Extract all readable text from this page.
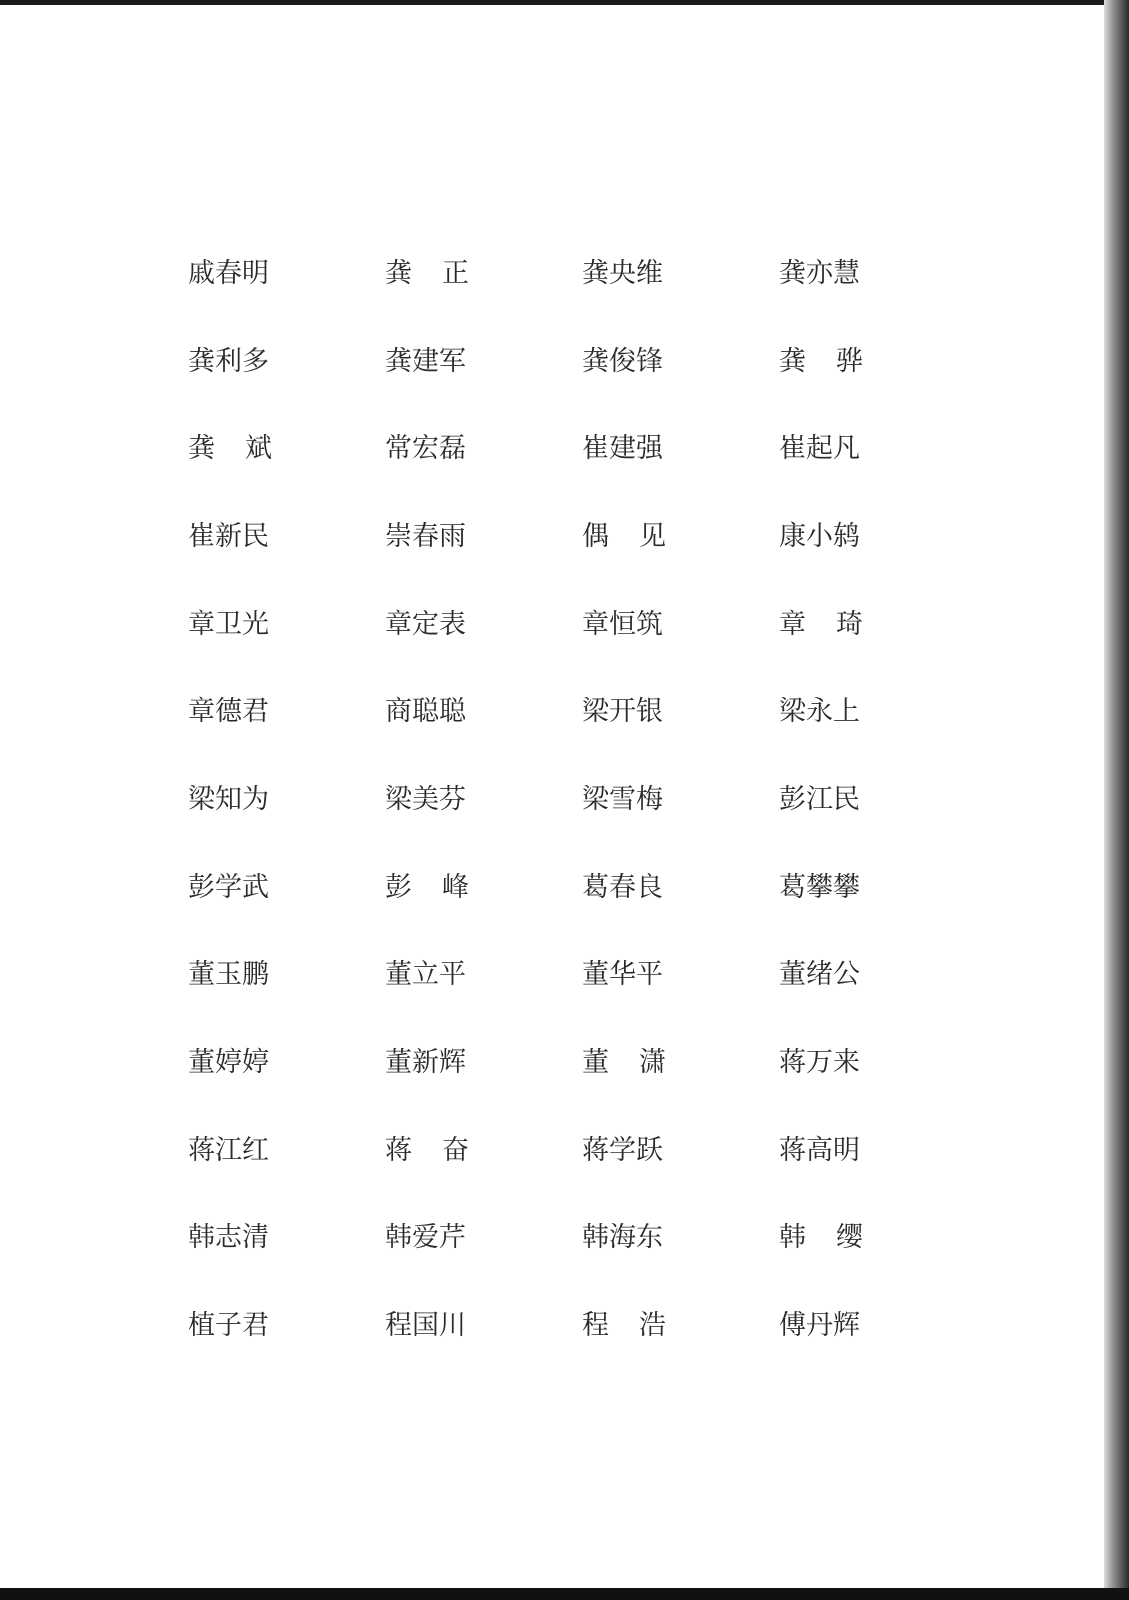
戚春明	龚正	龚央维	龚亦慧
龚利多	龚建军	龚俊锋	龚骅
龚斌	常宏磊	崔建强	崔起凡
崔新民	崇春雨	偶见	康小鸫
章卫光	章定表	章恒筑	章琦
章德君	商聪聪	梁开银	梁永上
梁知为	梁美芬	梁雪梅	彭江民
彭学武	彭峰	葛春良	葛攀攀
董玉鹏	董立平	董华平	董绪公
董婷婷	董新辉	董潇	蒋万来
蒋江红	蒋奋	蒋学跃	蒋高明
韩志清	韩爱芹	韩海东	韩缨
植子君	程国川	程浩	傅丹辉
